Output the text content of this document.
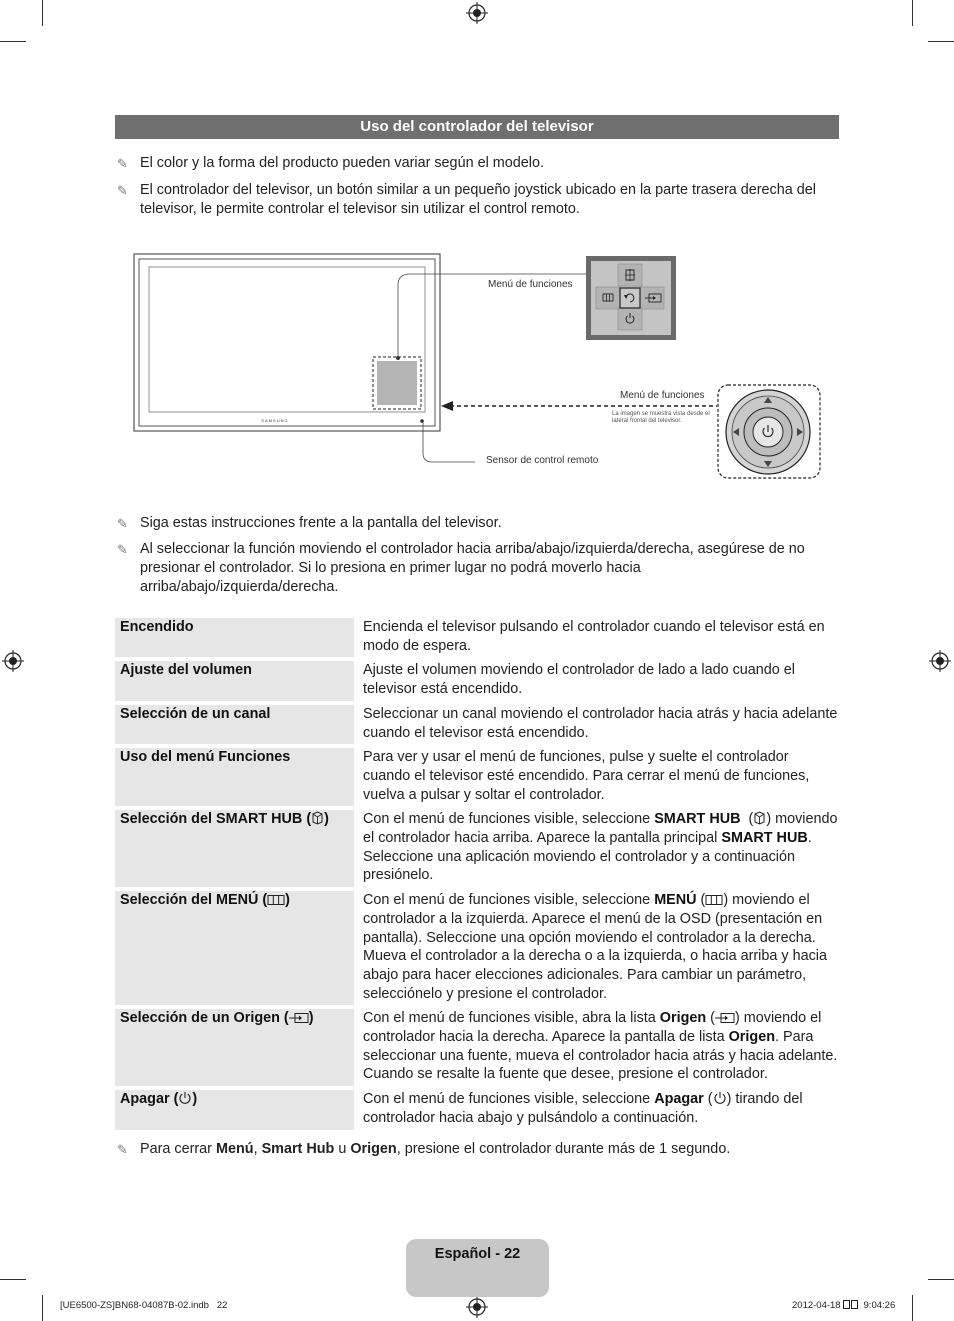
Uso del controlador del televisor
✎ El color y la forma del producto pueden variar según el modelo.
✎ El controlador del televisor, un botón similar a un pequeño joystick ubicado en la parte trasera derecha del televisor, le permite controlar el televisor sin utilizar el control remoto.
SAMSUNG
Menú de funciones
Menú de funciones
La imagen se muestra vista desde el lateral frontal del televisor.
Sensor de control remoto
✎ Siga estas instrucciones frente a la pantalla del televisor.
✎ Al seleccionar la función moviendo el controlador hacia arriba/abajo/izquierda/derecha, asegúrese de no presionar el controlador. Si lo presiona en primer lugar no podrá moverlo hacia arriba/abajo/izquierda/derecha.
Encendido	Encienda el televisor pulsando el controlador cuando el televisor está en modo de espera.
Ajuste del volumen	Ajuste el volumen moviendo el controlador de lado a lado cuando el televisor está encendido.
Selección de un canal	Seleccionar un canal moviendo el controlador hacia atrás y hacia adelante cuando el televisor está encendido.
Uso del menú Funciones	Para ver y usar el menú de funciones, pulse y suelte el controlador cuando el televisor esté encendido. Para cerrar el menú de funciones, vuelva a pulsar y soltar el controlador.
Selección del SMART HUB ( )	Con el menú de funciones visible, seleccione SMART HUB  ( ) moviendo el controlador hacia arriba. Aparece la pantalla principal SMART HUB. Seleccione una aplicación moviendo el controlador y a continuación presiónelo.
Selección del MENÚ ( )	Con el menú de funciones visible, seleccione MENÚ ( ) moviendo el controlador a la izquierda. Aparece el menú de la OSD (presentación en pantalla). Seleccione una opción moviendo el controlador a la derecha. Mueva el controlador a la derecha o a la izquierda, o hacia arriba y hacia abajo para hacer elecciones adicionales. Para cambiar un parámetro, selecciónelo y presione el controlador.
Selección de un Origen ( )	Con el menú de funciones visible, abra la lista Origen ( ) moviendo el controlador hacia la derecha. Aparece la pantalla de lista Origen. Para seleccionar una fuente, mueva el controlador hacia atrás y hacia adelante. Cuando se resalte la fuente que desee, presione el controlador.
Apagar ( )	Con el menú de funciones visible, seleccione Apagar ( ) tirando del controlador hacia abajo y pulsándolo a continuación.
✎ Para cerrar Menú, Smart Hub u Origen, presione el controlador durante más de 1 segundo.
Español - 22
[UE6500-ZS]BN68-04087B-02.indb   22	2012-04-18   9:04:26
